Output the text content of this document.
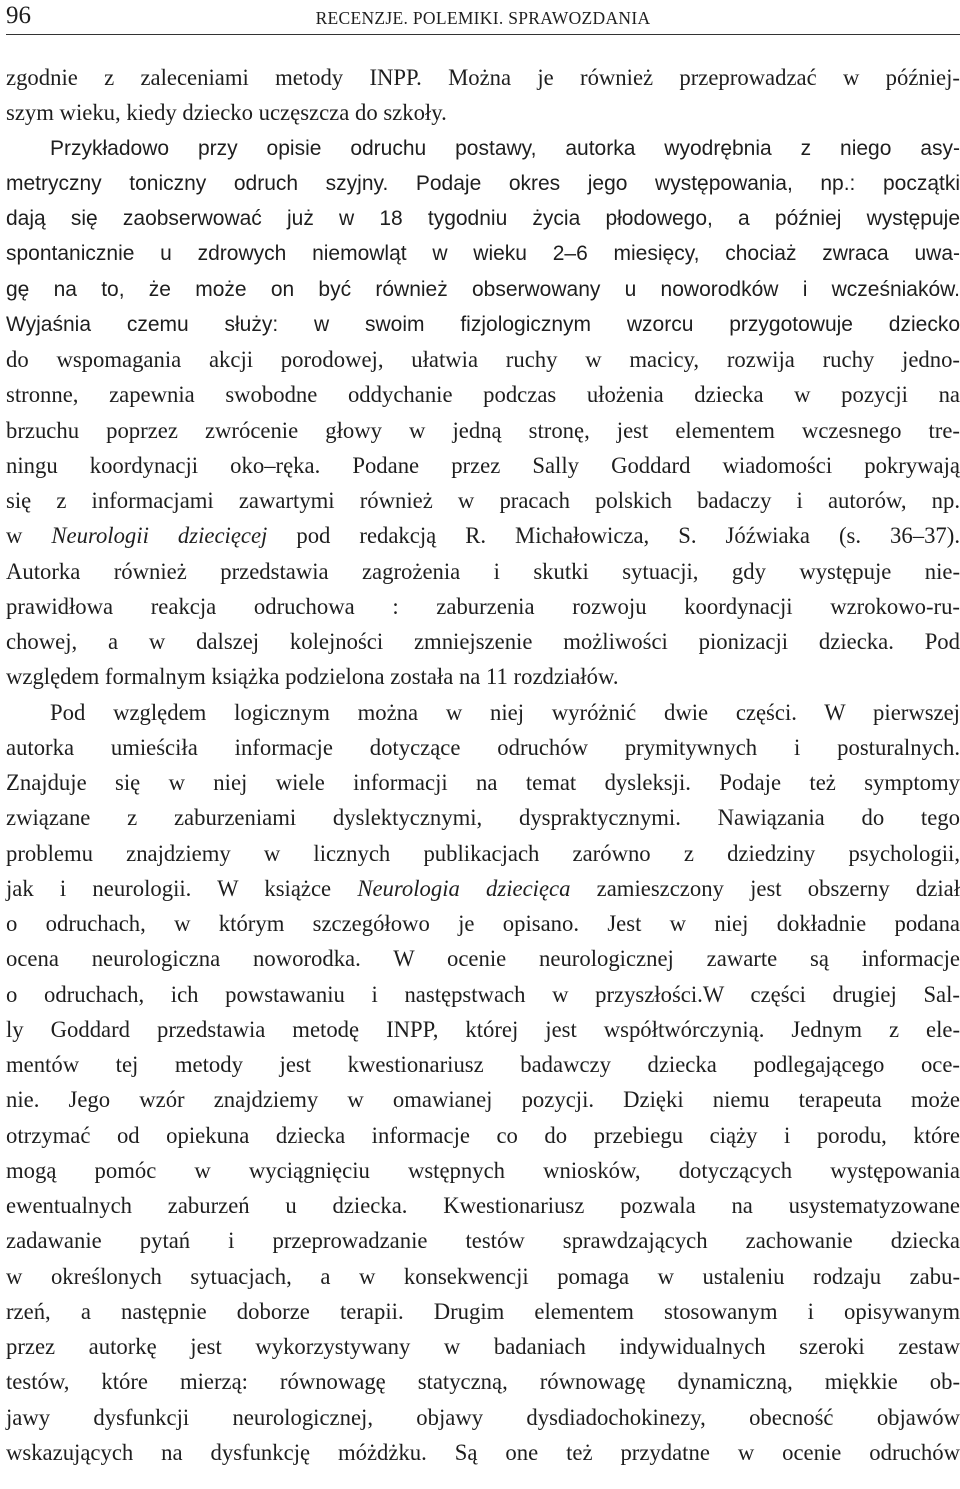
96	RECENZJE. POLEMIKI. SPRAWOZDANIA
zgodnie z zaleceniami metody INPP. Można je również przeprowadzać w później-
szym wieku, kiedy dziecko uczęszcza do szkoły.
Przykładowo przy opisie odruchu postawy, autorka wyodrębnia z niego asy-
metryczny toniczny odruch szyjny. Podaje okres jego występowania, np.: początki
dają się zaobserwować już w 18 tygodniu życia płodowego, a później występuje
spontanicznie u zdrowych niemowląt w wieku 2–6 miesięcy, chociaż zwraca uwa-
gę na to, że może on być również obserwowany u noworodków i wcześniaków.
Wyjaśnia czemu służy: w swoim fizjologicznym wzorcu przygotowuje dziecko
do wspomagania akcji porodowej, ułatwia ruchy w macicy, rozwija ruchy jedno-
stronne, zapewnia swobodne oddychanie podczas ułożenia dziecka w pozycji na
brzuchu poprzez zwrócenie głowy w jedną stronę, jest elementem wczesnego tre-
ningu koordynacji oko–ręka. Podane przez Sally Goddard wiadomości pokrywają
się z informacjami zawartymi również w pracach polskich badaczy i autorów, np.
w Neurologii dziecięcej pod redakcją R. Michałowicza, S. Jóźwiaka (s. 36–37).
Autorka również przedstawia zagrożenia i skutki sytuacji, gdy występuje nie-
prawidłowa reakcja odruchowa : zaburzenia rozwoju koordynacji wzrokowo-ru-
chowej, a w dalszej kolejności zmniejszenie możliwości pionizacji dziecka. Pod
względem formalnym książka podzielona została na 11 rozdziałów.
Pod względem logicznym można w niej wyróżnić dwie części. W pierwszej
autorka umieściła informacje dotyczące odruchów prymitywnych i posturalnych.
Znajduje się w niej wiele informacji na temat dysleksji. Podaje też symptomy
związane z zaburzeniami dyslektycznymi, dyspraktycznymi. Nawiązania do tego
problemu znajdziemy w licznych publikacjach zarówno z dziedziny psychologii,
jak i neurologii. W książce Neurologia dziecięca zamieszczony jest obszerny dział
o odruchach, w którym szczegółowo je opisano. Jest w niej dokładnie podana
ocena neurologiczna noworodka. W ocenie neurologicznej zawarte są informacje
o odruchach, ich powstawaniu i następstwach w przyszłości.W części drugiej Sal-
ly Goddard przedstawia metodę INPP, której jest współtwórczynią. Jednym z ele-
mentów tej metody jest kwestionariusz badawczy dziecka podlegającego oce-
nie. Jego wzór znajdziemy w omawianej pozycji. Dzięki niemu terapeuta może
otrzymać od opiekuna dziecka informacje co do przebiegu ciąży i porodu, które
mogą pomóc w wyciągnięciu wstępnych wniosków, dotyczących występowania
ewentualnych zaburzeń u dziecka. Kwestionariusz pozwala na usystematyzowane
zadawanie pytań i przeprowadzanie testów sprawdzających zachowanie dziecka
w określonych sytuacjach, a w konsekwencji pomaga w ustaleniu rodzaju zabu-
rzeń, a następnie doborze terapii. Drugim elementem stosowanym i opisywanym
przez autorkę jest wykorzystywany w badaniach indywidualnych szeroki zestaw
testów, które mierzą: równowagę statyczną, równowagę dynamiczną, miękkie ob-
jawy dysfunkcji neurologicznej, objawy dysdiadochokinezy, obecność objawów
wskazujących na dysfunkcję móżdżku. Są one też przydatne w ocenie odruchów
